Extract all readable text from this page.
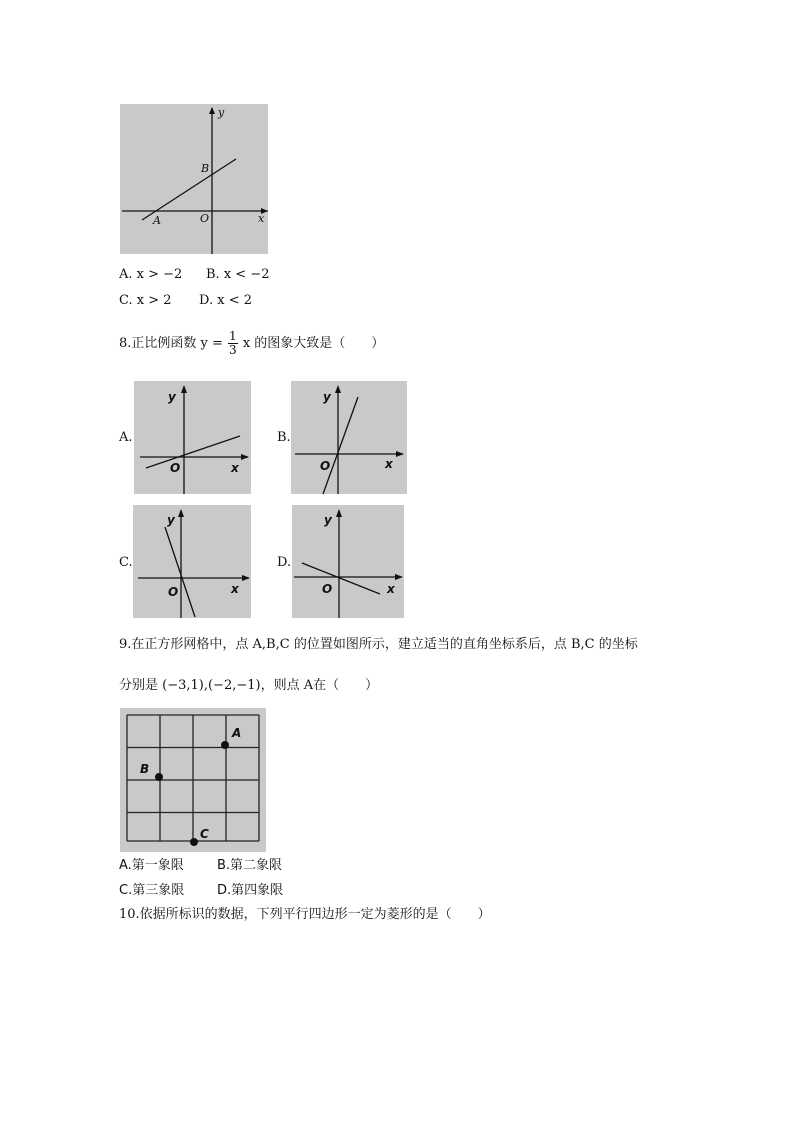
y
x
O
A
B
A. x > −2 B. x < −2
C. x > 2 D. x < 2
8.正比例函数 $y = \frac{1}{3}$ x 的图象大致是（　　）
A.
y
x
O
B.
y
x
O
C.
y
x
O
D.
y
x
O
9.在正方形网格中，点 A,B,C 的位置如图所示，建立适当的直角坐标系后，点 B,C 的坐标
分别是 (−3,1),(−2,−1)，则点 A在（　　）
A
B
C
A.第一象限	B.第二象限
C.第三象限	D.第四象限
10.依据所标识的数据，下列平行四边形一定为菱形的是（　　）
